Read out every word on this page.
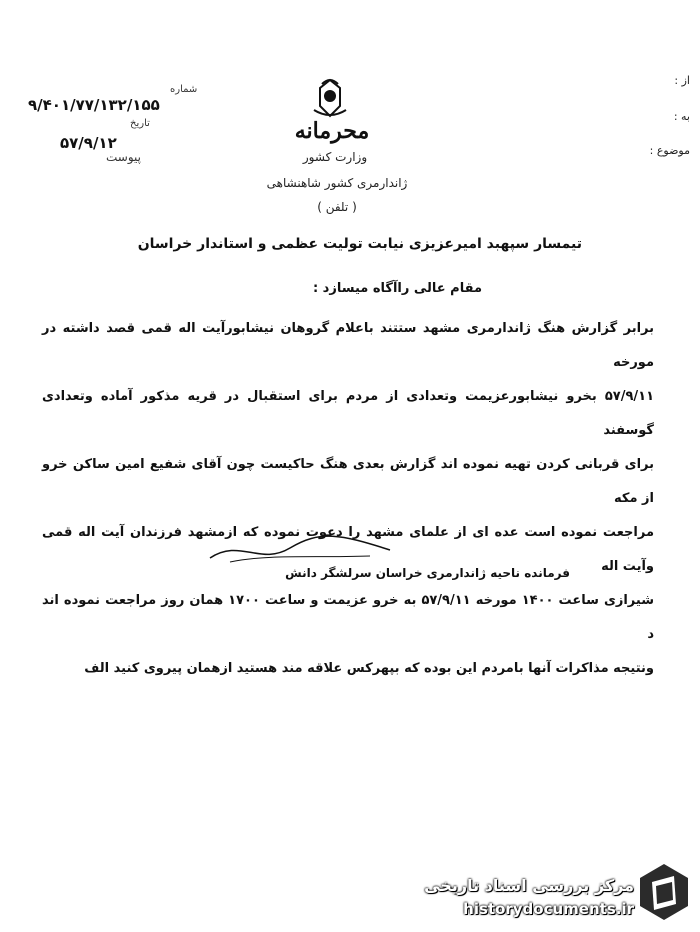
از :
به :
موضوع :
شماره
۹/۴۰۱/۷۷/۱۳۲/۱۵۵
تاریخ
۵۷/۹/۱۲
پیوست
محرمانه
وزارت کشور
ژاندارمری کشور شاهنشاهی
( تلفن )
تیمسار سپهبد امیرعزیزی نیابت تولیت عظمی و استاندار خراسان
مقام عالی راآگاه میسازد :
برابر گزارش هنگ ژاندارمری مشهد ستتند باعلام گروهان نیشابورآیت اله قمی قصد داشته در مورخه
۵۷/۹/۱۱ بخرو نیشابورعزیمت وتعدادی از مردم برای استقبال در قریه مذکور آماده وتعدادی گوسفند
برای قربانی کردن تهیه نموده اند گزارش بعدی هنگ حاکیست چون آقای شفیع امین ساکن خرو از مکه
مراجعت نموده است عده ای از علمای مشهد را دعوت نموده که ازمشهد فرزندان آیت اله قمی وآیت اله
شیرازی ساعت ۱۴۰۰ مورخه ۵۷/۹/۱۱ به خرو عزیمت و ساعت ۱۷۰۰ همان روز مراجعت نموده اند د
ونتیجه مذاکرات آنها بامردم این بوده که بپهرکس علاقه مند هستید ازهمان پیروی کنید الف
فرمانده ناحیه ژاندارمری خراسان سرلشگر دانش
مرکز بررسی اسناد تاریخی
historydocuments.ir
